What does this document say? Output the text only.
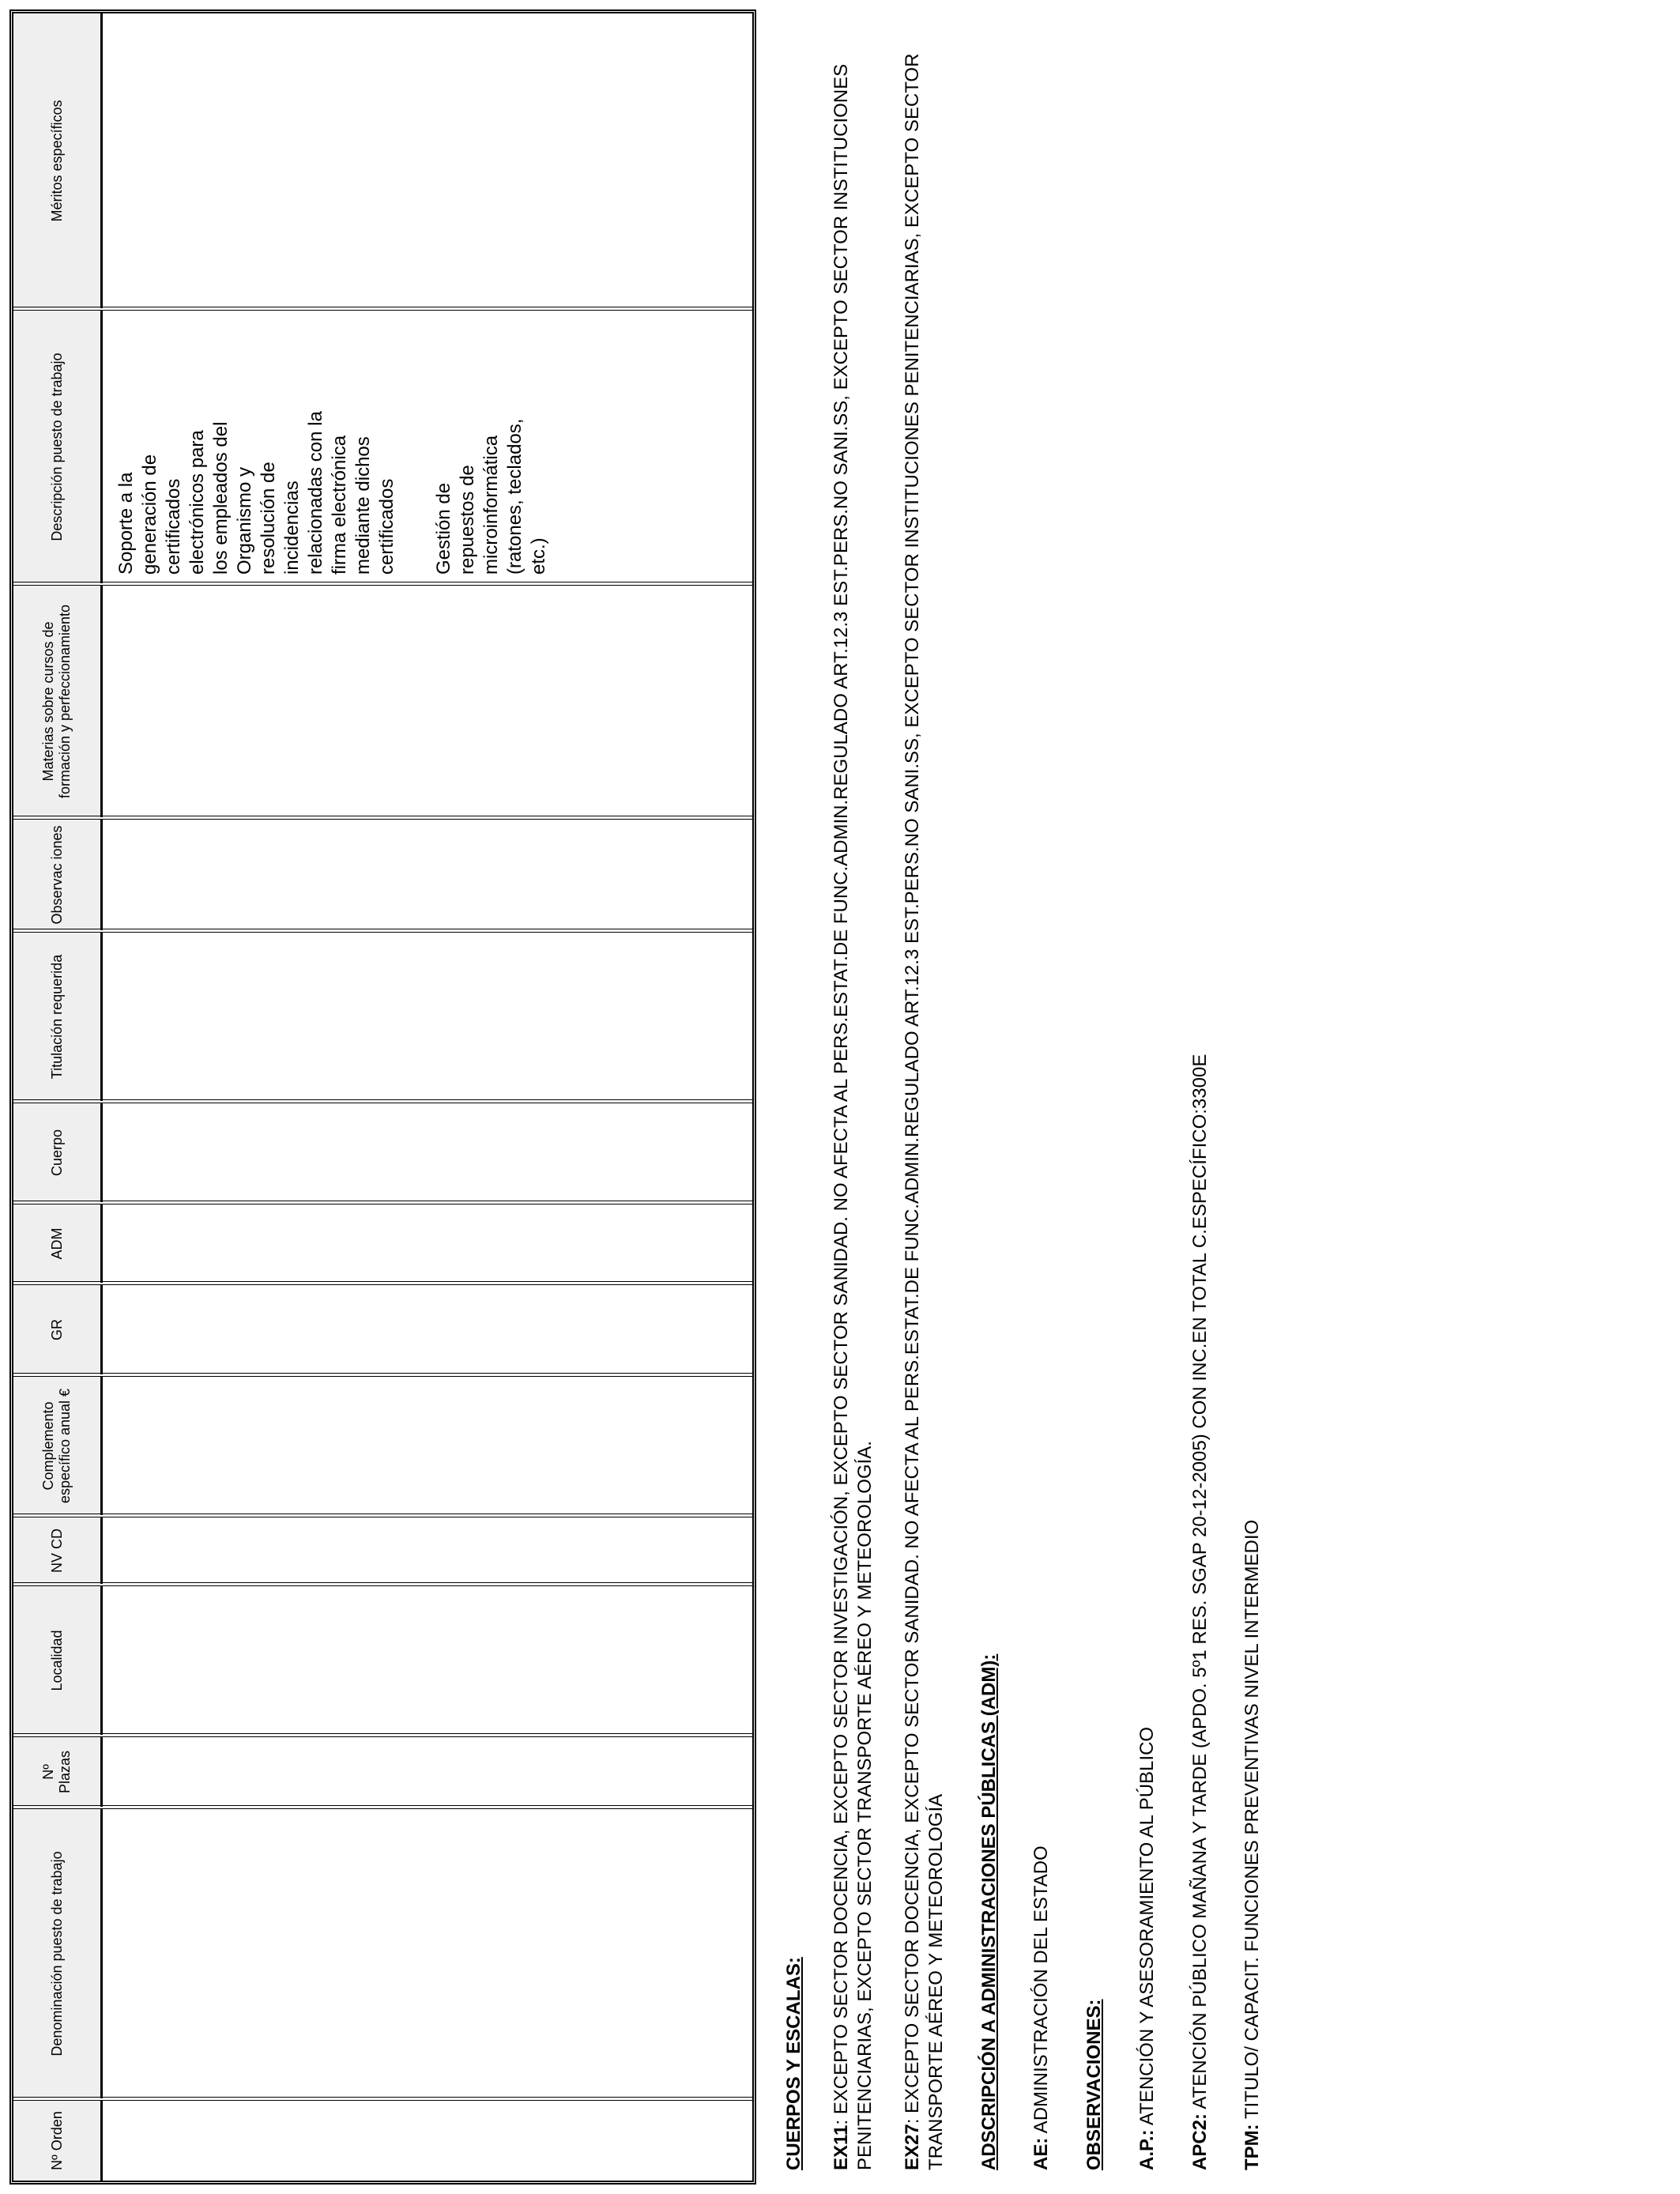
Nº Orden
Denominación puesto de trabajo
Nº Plazas
Localidad
NV CD
Complemento específico anual €
GR
ADM
Cuerpo
Titulación requerida
Observac iones
Materias sobre cursos de formación y perfeccionamiento
Descripción puesto de trabajo
Méritos específicos
Soporte a la generación de certificados electrónicos para los empleados del Organismo y resolución de incidencias relacionadas con la firma electrónica mediante dichos certificados Gestión de repuestos de microinformática (ratones, teclados, etc.)
CUERPOS Y ESCALAS: EX11: EXCEPTO SECTOR DOCENCIA, EXCEPTO SECTOR INVESTIGACIÓN, EXCEPTO SECTOR SANIDAD. NO AFECTA AL PERS.ESTAT.DE FUNC.ADMIN.REGULADO ART.12.3 EST.PERS.NO SANI.SS, EXCEPTO SECTOR INSTITUCIONES PENITENCIARIAS, EXCEPTO SECTOR TRANSPORTE AÉREO Y METEOROLOGÍA. EX27: EXCEPTO SECTOR DOCENCIA, EXCEPTO SECTOR SANIDAD. NO AFECTA AL PERS.ESTAT.DE FUNC.ADMIN.REGULADO ART.12.3 EST.PERS.NO SANI.SS, EXCEPTO SECTOR INSTITUCIONES PENITENCIARIAS, EXCEPTO SECTOR TRANSPORTE AÉREO Y METEOROLOGÍA ADSCRIPCIÓN A ADMINISTRACIONES PÚBLICAS (ADM): AE: ADMINISTRACIÓN DEL ESTADO OBSERVACIONES: A.P.: ATENCIÓN Y ASESORAMIENTO AL PÚBLICO
APC2: ATENCIÓN PÚBLICO MAÑANA Y TARDE (APDO. 5º1 RES. SGAP 20-12-2005) CON INC.EN TOTAL C.ESPECÍFICO:3300E
TPM: TITULO/ CAPACIT. FUNCIONES PREVENTIVAS NIVEL INTERMEDIO
